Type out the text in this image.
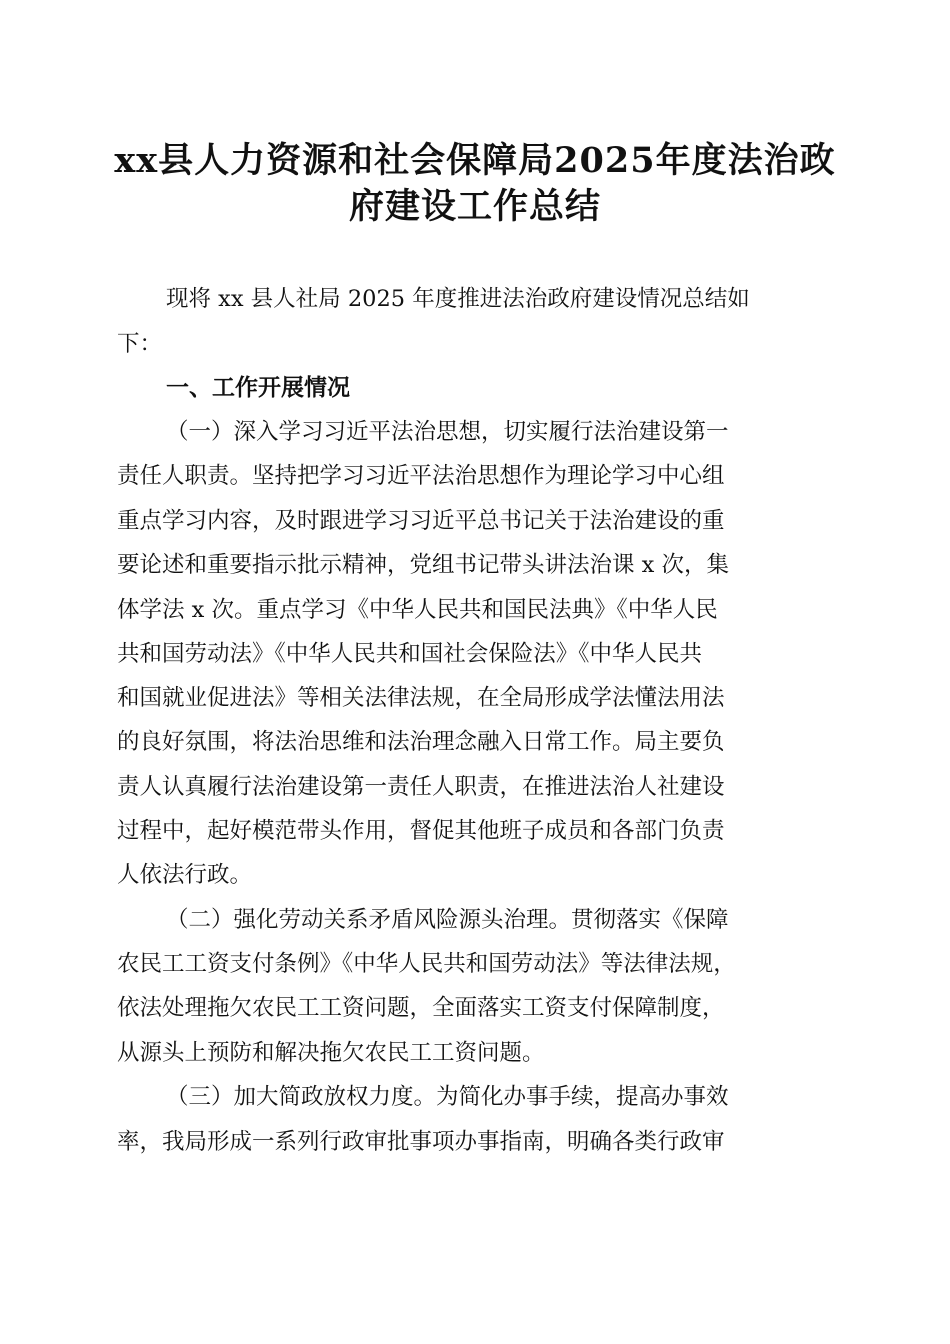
xx县人力资源和社会保障局2025年度法治政
府建设工作总结

现将 xx 县人社局 2025 年度推进法治政府建设情况总结如

下：

一、工作开展情况

（一）深入学习习近平法治思想，切实履行法治建设第一

责任人职责。坚持把学习习近平法治思想作为理论学习中心组

重点学习内容，及时跟进学习习近平总书记关于法治建设的重

要论述和重要指示批示精神，党组书记带头讲法治课 x 次，集

体学法 x 次。重点学习《中华人民共和国民法典》《中华人民

共和国劳动法》《中华人民共和国社会保险法》《中华人民共

和国就业促进法》等相关法律法规，在全局形成学法懂法用法

的良好氛围，将法治思维和法治理念融入日常工作。局主要负

责人认真履行法治建设第一责任人职责，在推进法治人社建设

过程中，起好模范带头作用，督促其他班子成员和各部门负责

人依法行政。

（二）强化劳动关系矛盾风险源头治理。贯彻落实《保障

农民工工资支付条例》《中华人民共和国劳动法》等法律法规，

依法处理拖欠农民工工资问题，全面落实工资支付保障制度，

从源头上预防和解决拖欠农民工工资问题。

（三）加大简政放权力度。为简化办事手续，提高办事效

率，我局形成一系列行政审批事项办事指南，明确各类行政审
